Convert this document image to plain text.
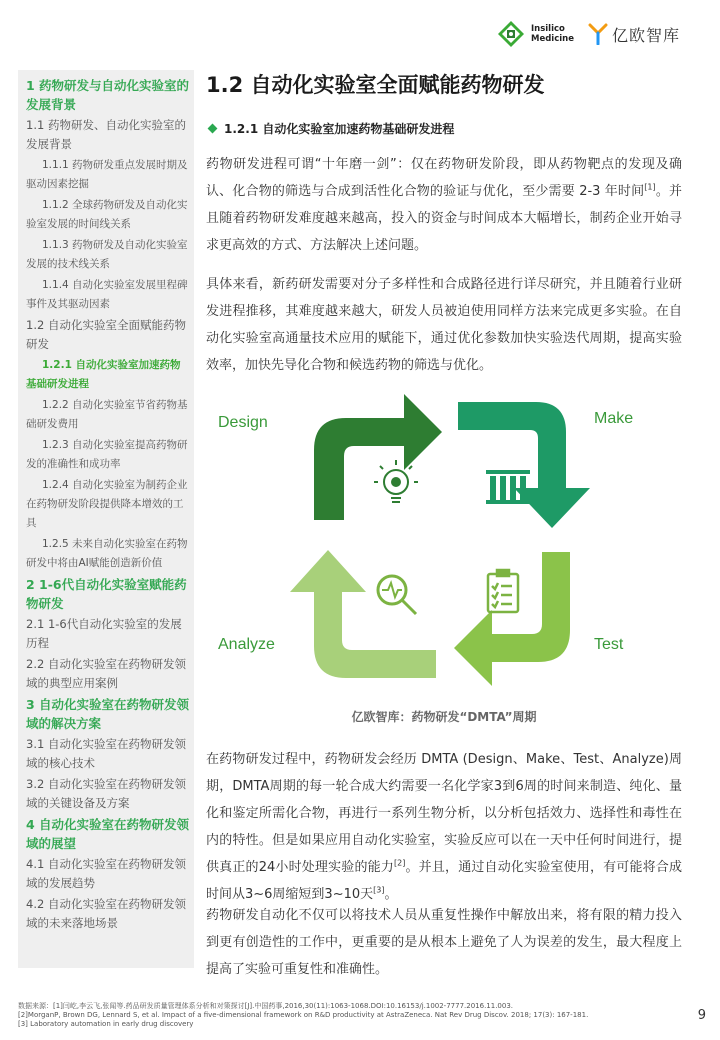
Insilico
Medicine 亿欧智库
1 药物研发与自动化实验室的发展背景
1.1 药物研发、自动化实验室的发展背景
1.1.1 药物研发重点发展时期及驱动因素挖掘
1.1.2 全球药物研发及自动化实验室发展的时间线关系
1.1.3 药物研发及自动化实验室发展的技术线关系
1.1.4 自动化实验室发展里程碑事件及其驱动因素
1.2 自动化实验室全面赋能药物研发
1.2.1 自动化实验室加速药物基础研发进程
1.2.2 自动化实验室节省药物基础研发费用
1.2.3 自动化实验室提高药物研发的准确性和成功率
1.2.4 自动化实验室为制药企业在药物研发阶段提供降本增效的工具
1.2.5 未来自动化实验室在药物研发中将由AI赋能创造新价值
2 1-6代自动化实验室赋能药物研发
2.1 1-6代自动化实验室的发展历程
2.2 自动化实验室在药物研发领域的典型应用案例
3 自动化实验室在药物研发领域的解决方案
3.1 自动化实验室在药物研发领域的核心技术
3.2 自动化实验室在药物研发领域的关键设备及方案
4 自动化实验室在药物研发领域的展望
4.1 自动化实验室在药物研发领域的发展趋势
4.2 自动化实验室在药物研发领域的未来落地场景
1.2 自动化实验室全面赋能药物研发
1.2.1 自动化实验室加速药物基础研发进程

药物研发进程可谓“十年磨一剑”：仅在药物研发阶段，即从药物靶点的发现及确认、化合物的筛选与合成到活性化合物的验证与优化，至少需要 2-3 年时间[1]。并且随着药物研发难度越来越高，投入的资金与时间成本大幅增长，制药企业开始寻求更高效的方式、方法解决上述问题。

具体来看，新药研发需要对分子多样性和合成路径进行详尽研究，并且随着行业研发进程推移，其难度越来越大，研发人员被迫使用同样方法来完成更多实验。在自动化实验室高通量技术应用的赋能下，通过优化参数加快实验迭代周期，提高实验效率，加快先导化合物和候选药物的筛选与优化。

Design	Make
Analyze	Test
亿欧智库：药物研发“DMTA”周期

在药物研发过程中，药物研发会经历 DMTA (Design、Make、Test、Analyze)周期，DMTA周期的每一轮合成大约需要一名化学家3到6周的时间来制造、纯化、量化和鉴定所需化合物，再进行一系列生物分析，以分析包括效力、选择性和毒性在内的特性。但是如果应用自动化实验室，实验反应可以在一天中任何时间进行，提供真正的24小时处理实验的能力[2]。并且，通过自动化实验室使用，有可能将合成时间从3~6周缩短到3~10天[3]。

药物研发自动化不仅可以将技术人员从重复性操作中解放出来，将有限的精力投入到更有创造性的工作中，更重要的是从根本上避免了人为误差的发生，最大程度上提高了实验可重复性和准确性。

数据来源：[1]闫屹,李云飞,张闻等.药品研发质量管理体系分析和对策探讨[J].中国药事,2016,30(11):1063-1068.DOI:10.16153/j.1002-7777.2016.11.003.
[2]MorganP, Brown DG, Lennard S, et al. Impact of a five-dimensional framework on R&D productivity at AstraZeneca. Nat Rev Drug Discov. 2018; 17(3): 167-181.
[3] Laboratory automation in early drug discovery
9
